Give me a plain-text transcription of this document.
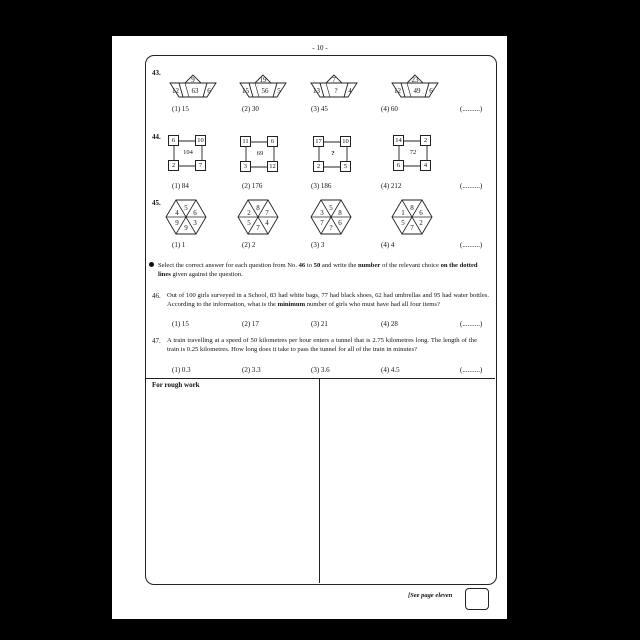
- 10 -
43.
9
12 63 6
19
15 56 5
7
13 ? 4
23
12 49 6
(1) 15	(2) 30	(3) 45	(4) 60	(..........)
44.	6	10
2	7
104
11	6
3	12
69
17	10
2	5
?
14	2
6	4
72
(1) 84	(2) 176	(3) 186	(4) 212	(..........)
45.
5
6
3
9
9
4
8
7
4
7
5
2
5
8
6
?
7
3
8
6
2
7
5
1
(1) 1	(2) 2	(3) 3	(4) 4	(..........)
Select the correct answer for each question from No. 46 to 50 and write the number of the relevant choice on the dotted lines given against the question.
46. Out of 100 girls surveyed in a School, 83 had white bags, 77 had black shoes, 62 had umbrellas and 95 had water bottles. According to the information, what is the minimum number of girls who must have had all four items?
(1) 15	(2) 17	(3) 21	(4) 28	(..........)
47. A train travelling at a speed of 50 kilometres per hour enters a tunnel that is 2.75 kilometres long. The length of the train is 0.25 kilometres. How long does it take to pass the tunnel for all of the train in minutes?
(1) 0.3	(2) 3.3	(3) 3.6	(4) 4.5	(..........)
For rough work
[See page eleven
